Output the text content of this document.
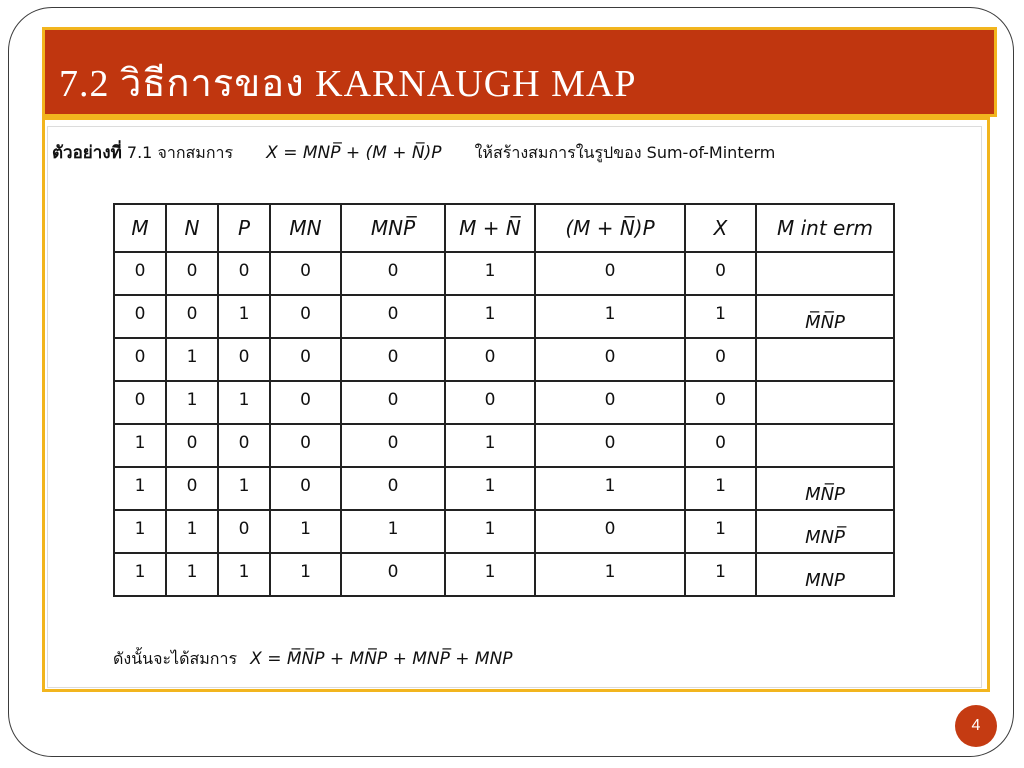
7.2 วิธีการของ KARNAUGH MAP
ตัวอย่างที่ 7.1 จากสมการ X = MNP̅ + (M + N̅)P ให้สร้างสมการในรูปของ Sum-of-Minterm
M	N	P	MN	MNP̅	M + N̅	(M + N̅)P	X	M int erm
0	0	0	0	0	1	0	0	
0	0	1	0	0	1	1	1	M̅N̅P
0	1	0	0	0	0	0	0	
0	1	1	0	0	0	0	0	
1	0	0	0	0	1	0	0	
1	0	1	0	0	1	1	1	MN̅P
1	1	0	1	1	1	0	1	MNP̅
1	1	1	1	0	1	1	1	MNP
ดังนั้นจะได้สมการ X = M̅N̅P + MN̅P + MNP̅ + MNP
4
